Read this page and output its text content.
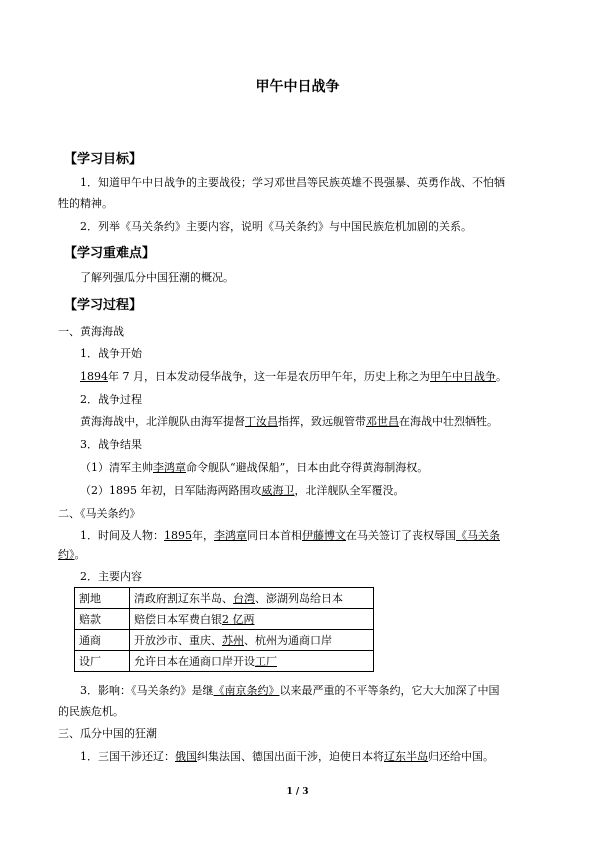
甲午中日战争
【学习目标】
1．知道甲午中日战争的主要战役；学习邓世昌等民族英雄不畏强暴、英勇作战、不怕牺
牲的精神。
2．列举《马关条约》主要内容，说明《马关条约》与中国民族危机加剧的关系。
【学习重难点】
了解列强瓜分中国狂潮的概况。
【学习过程】
一、黄海海战
1．战争开始
1894年 7 月，日本发动侵华战争，这一年是农历甲午年，历史上称之为甲午中日战争。
2．战争过程
黄海海战中，北洋舰队由海军提督丁汝昌指挥，致远舰管带邓世昌在海战中壮烈牺牲。
3．战争结果
（1）清军主帅李鸿章命令舰队“避战保船”，日本由此夺得黄海制海权。
（2）1895 年初，日军陆海两路围攻威海卫，北洋舰队全军覆没。
二、《马关条约》
1．时间及人物：1895年，李鸿章同日本首相伊藤博文在马关签订了丧权辱国《马关条
约》。
2．主要内容
割地	清政府割辽东半岛、台湾、澎湖列岛给日本
赔款	赔偿日本军费白银2 亿两
通商	开放沙市、重庆、苏州、杭州为通商口岸
设厂	允许日本在通商口岸开设工厂
3．影响：《马关条约》是继《南京条约》以来最严重的不平等条约，它大大加深了中国
的民族危机。
三、瓜分中国的狂潮
1．三国干涉还辽：俄国纠集法国、德国出面干涉，迫使日本将辽东半岛归还给中国。
1 / 3
